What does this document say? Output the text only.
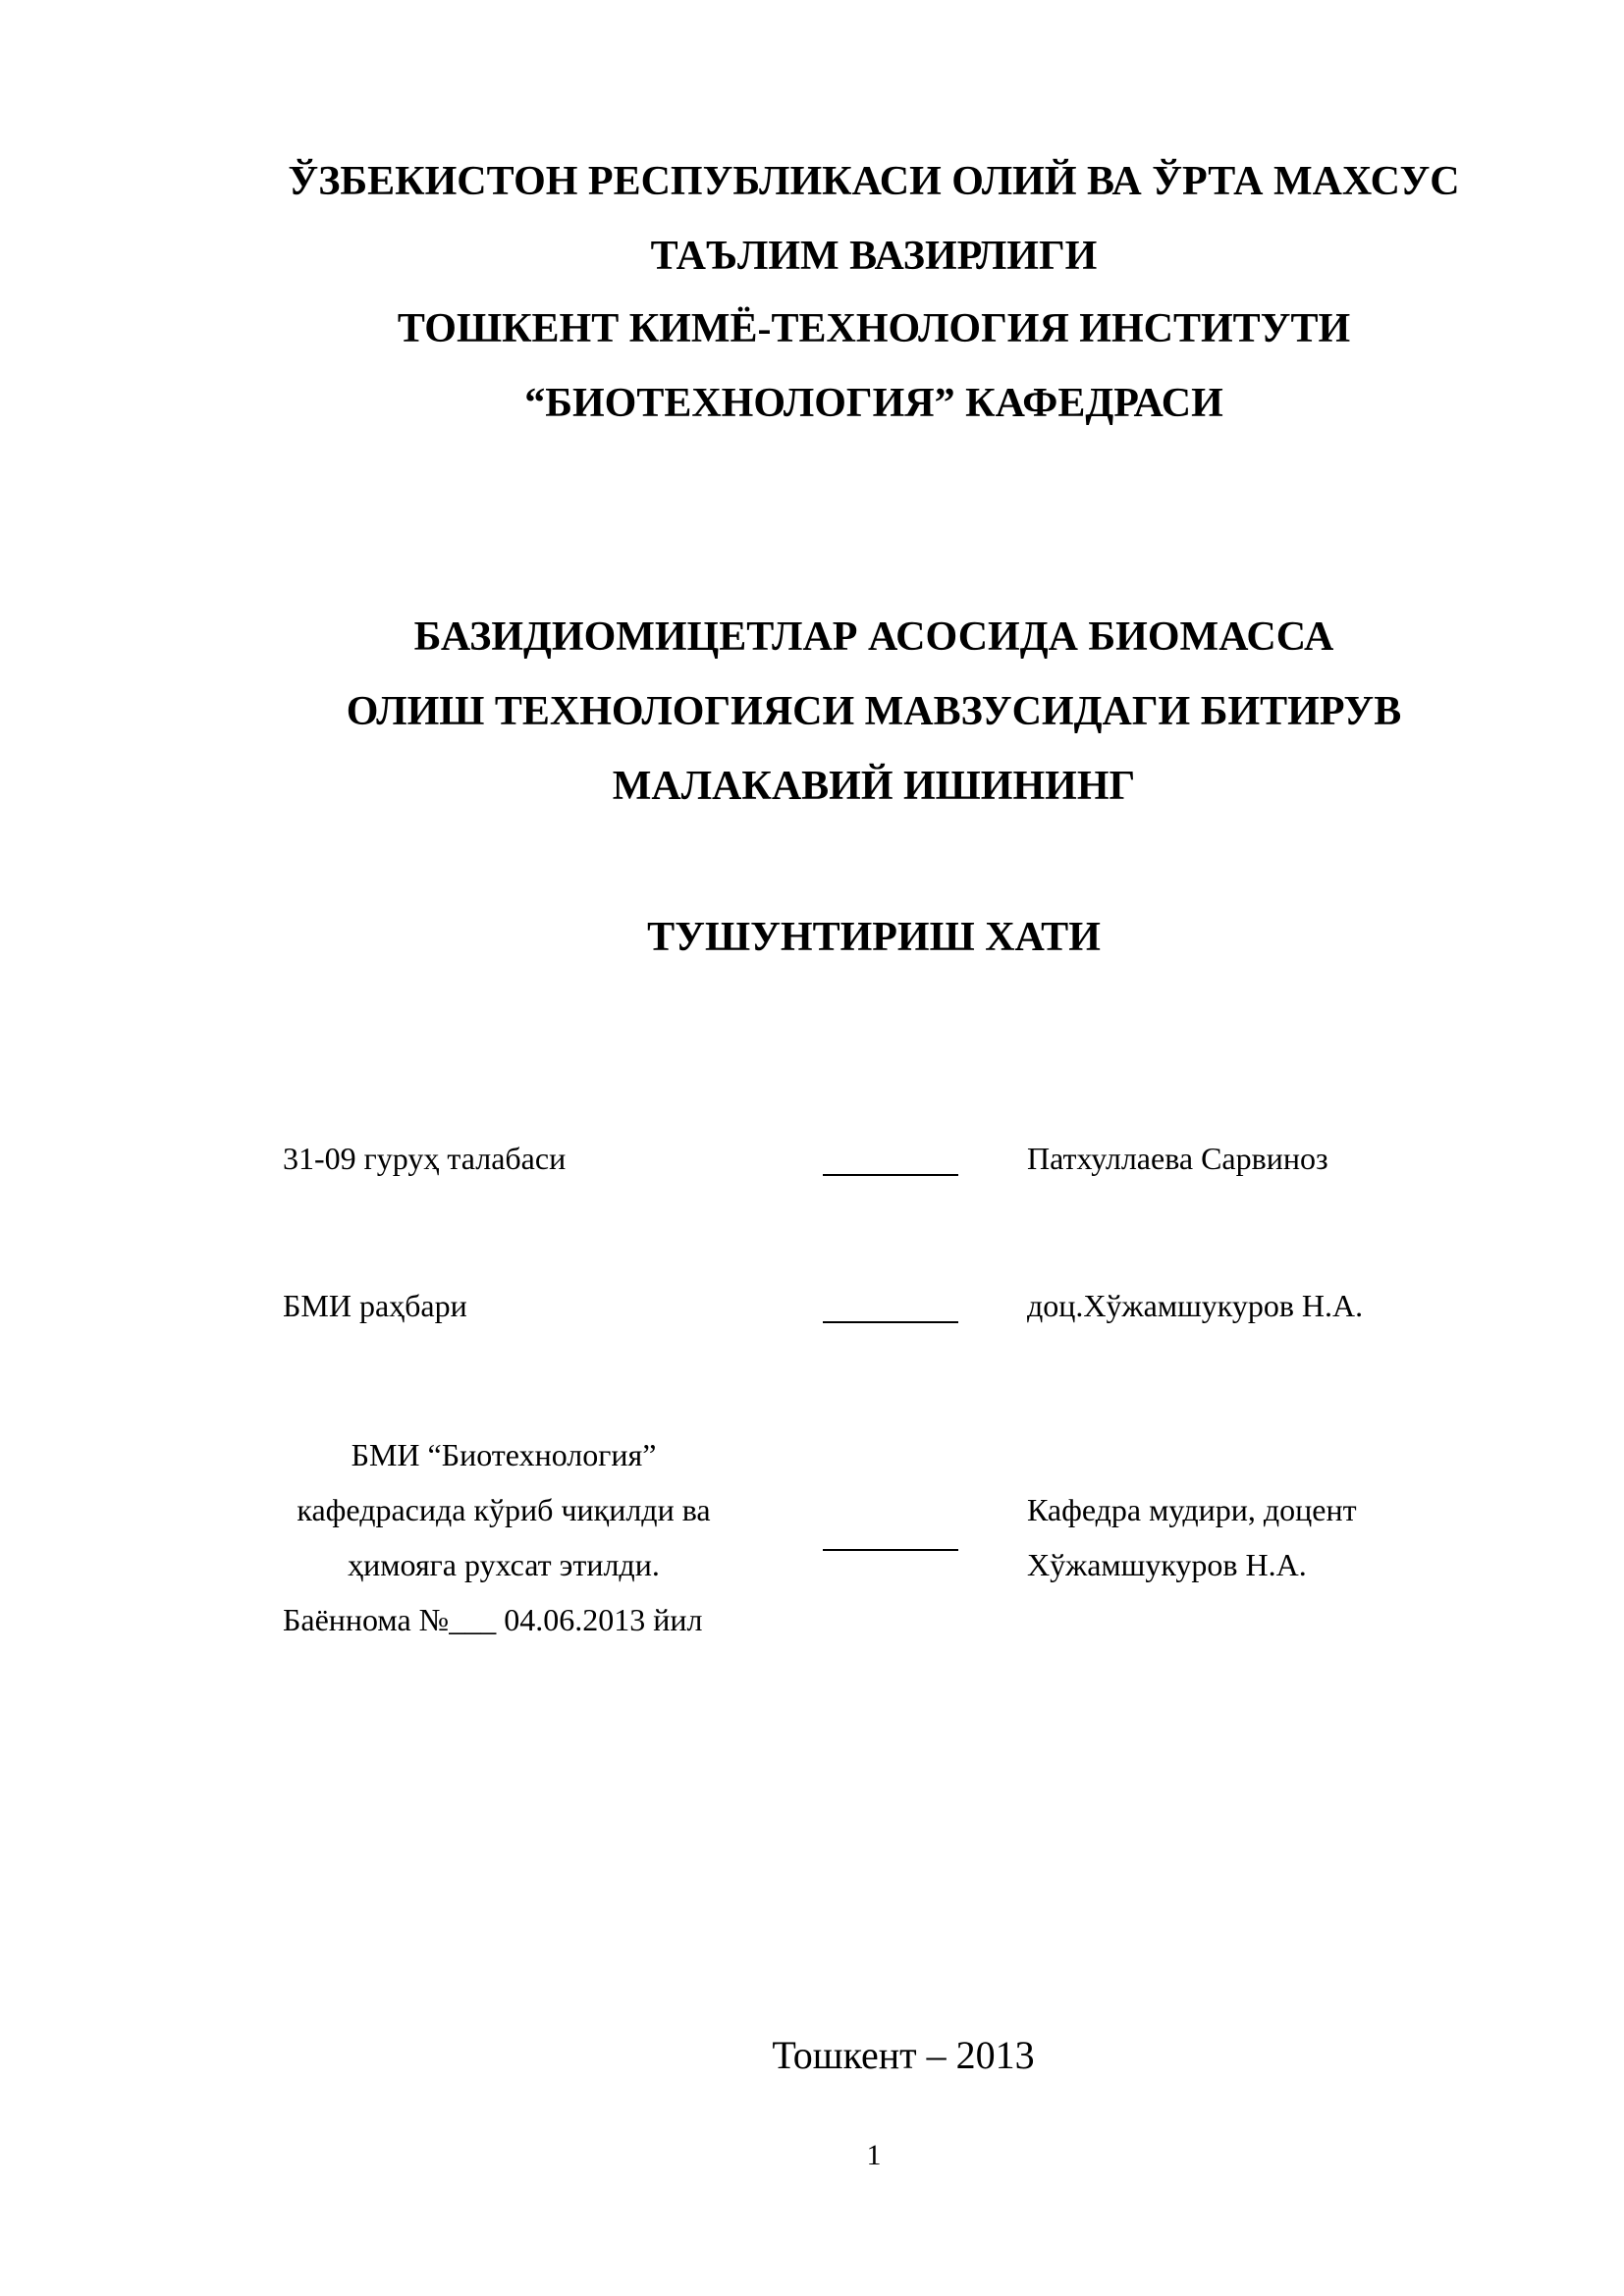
ЎЗБЕКИСТОН РЕСПУБЛИКАСИ ОЛИЙ ВА ЎРТА МАХСУС
ТАЪЛИМ ВАЗИРЛИГИ
ТОШКЕНТ КИМЁ-ТЕХНОЛОГИЯ ИНСТИТУТИ
“БИОТЕХНОЛОГИЯ” КАФЕДРАСИ
БАЗИДИОМИЦЕТЛАР АСОСИДА БИОМАССА
ОЛИШ ТЕХНОЛОГИЯСИ МАВЗУСИДАГИ БИТИРУВ
МАЛАКАВИЙ ИШИНИНГ
ТУШУНТИРИШ ХАТИ
31-09 гуруҳ талабаси	Патхуллаева Сарвиноз
БМИ раҳбари	доц.Хўжамшукуров Н.А.
БМИ “Биотехнология”
кафедрасида кўриб чиқилди ва
ҳимояга рухсат этилди.
Баённома №___ 04.06.2013 йил
Кафедра мудири, доцент
Хўжамшукуров Н.А.
Тошкент – 2013
1
